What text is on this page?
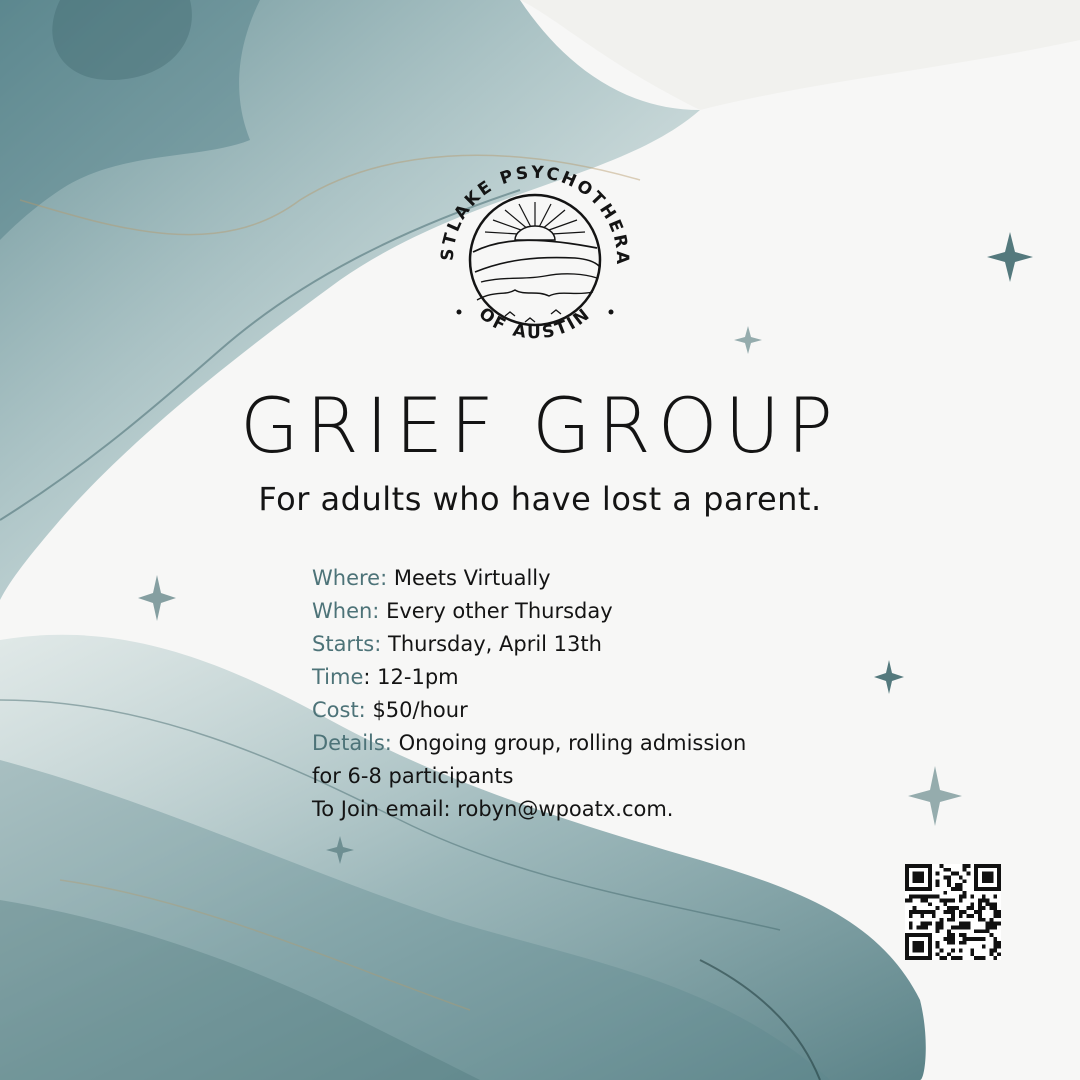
STLAKE PSYCHOTHERA
OF AUSTIN
GRIEF GROUP

For adults who have lost a parent.

Where: Meets Virtually
When: Every other Thursday
Starts: Thursday, April 13th
Time: 12-1pm
Cost: $50/hour
Details: Ongoing group, rolling admission
for 6-8 participants
To Join email: robyn@wpoatx.com.
